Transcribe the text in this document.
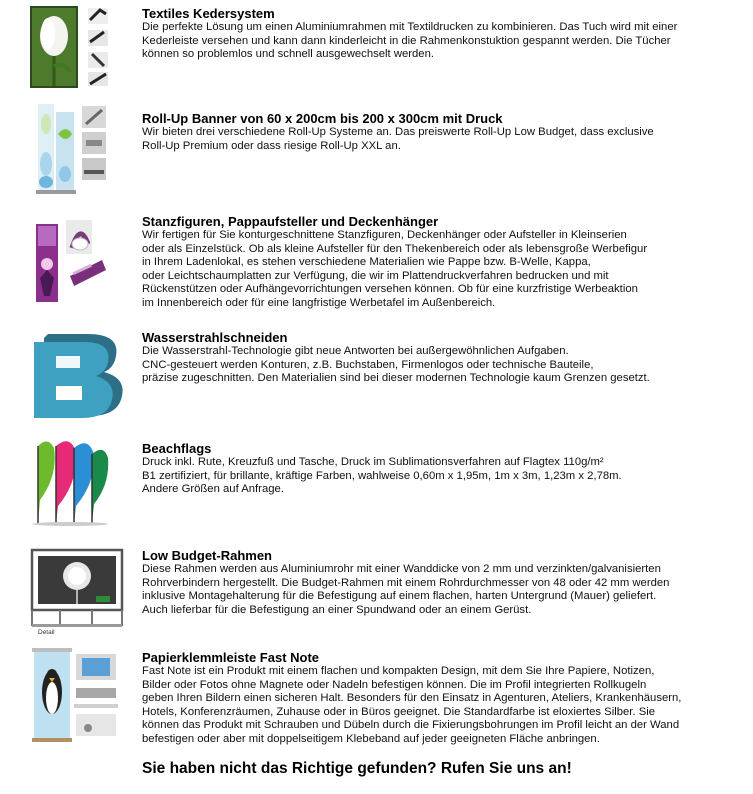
Textiles Kedersystem

Die perfekte Lösung um einen Aluminiumrahmen mit Textildrucken zu kombinieren. Das Tuch wird mit einer
Kederleiste versehen und kann dann kinderleicht in die Rahmenkonstuktion gespannt werden. Die Tücher
können so problemlos und schnell ausgewechselt werden.

Roll-Up Banner von 60 x 200cm bis 200 x 300cm mit Druck

Wir bieten drei verschiedene Roll-Up Systeme an. Das preiswerte Roll-Up Low Budget, dass exclusive
Roll-Up Premium oder dass riesige Roll-Up XXL an.

Stanzfiguren, Pappaufsteller und Deckenhänger

Wir fertigen für Sie konturgeschnittene Stanzfiguren, Deckenhänger oder Aufsteller in Kleinserien
oder als Einzelstück. Ob als kleine Aufsteller für den Thekenbereich oder als lebensgroße Werbefigur
in Ihrem Ladenlokal, es stehen verschiedene Materialien wie Pappe bzw. B-Welle, Kappa,
oder Leichtschaumplatten zur Verfügung, die wir im Plattendruckverfahren bedrucken und mit
Rückenstützen oder Aufhängevorrichtungen versehen können. Ob für eine kurzfristige Werbeaktion
im Innenbereich oder für eine langfristige Werbetafel im Außenbereich.

Wasserstrahlschneiden

Die Wasserstrahl-Technologie gibt neue Antworten bei außergewöhnlichen Aufgaben.
CNC-gesteuert werden Konturen, z.B. Buchstaben, Firmenlogos oder technische Bauteile,
präzise zugeschnitten. Den Materialien sind bei dieser modernen Technologie kaum Grenzen gesetzt.

Beachflags

Druck inkl. Rute, Kreuzfuß und Tasche, Druck im Sublimationsverfahren auf Flagtex 110g/m²
B1 zertifiziert, für brillante, kräftige Farben, wahlweise 0,60m x 1,95m, 1m x 3m, 1,23m x 2,78m.
Andere Größen auf Anfrage.

Detail

Low Budget-Rahmen

Diese Rahmen werden aus Aluminiumrohr mit einer Wanddicke von 2 mm und verzinkten/galvanisierten
Rohrverbindern hergestellt. Die Budget-Rahmen mit einem Rohrdurchmesser von 48 oder 42 mm werden
inklusive Montagehalterung für die Befestigung auf einem flachen, harten Untergrund (Mauer) geliefert.
Auch lieferbar für die Befestigung an einer Spundwand oder an einem Gerüst.

Papierklemmleiste Fast Note

Fast Note ist ein Produkt mit einem flachen und kompakten Design, mit dem Sie Ihre Papiere, Notizen,
Bilder oder Fotos ohne Magnete oder Nadeln befestigen können. Die im Profil integrierten Rollkugeln
geben Ihren Bildern einen sicheren Halt. Besonders für den Einsatz in Agenturen, Ateliers, Krankenhäusern,
Hotels, Konferenzräumen, Zuhause oder in Büros geeignet. Die Standardfarbe ist eloxiertes Silber. Sie
können das Produkt mit Schrauben und Dübeln durch die Fixierungsbohrungen im Profil leicht an der Wand
befestigen oder aber mit doppelseitigem Klebeband auf jeder geeigneten Fläche anbringen.

Sie haben nicht das Richtige gefunden? Rufen Sie uns an!
